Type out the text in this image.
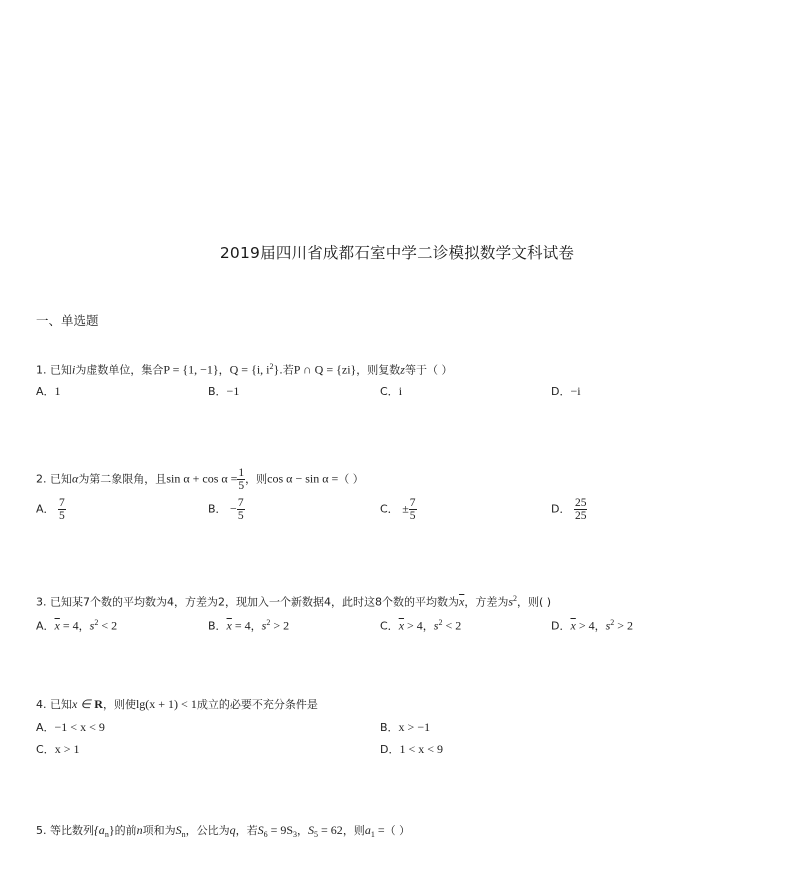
2019届四川省成都石室中学二诊模拟数学文科试卷
一、单选题
1. 已知i为虚数单位，集合P = {1, −1}，Q = {i, $i^2$}.若P ∩ Q = {zi}，则复数z等于（ ）
A．1	B．−1	C．i	D．−i
2. 已知α为第二象限角，且$\sin \alpha + \cos \alpha = \frac{1}{5}$ ，则cos α − sin α =（ ）
A． $\frac{7}{5}$	B． − $\frac{7}{5}$	C． ± $\frac{7}{5}$	D． $\frac{25}{25}$
3. 已知某7个数的平均数为4，方差为2，现加入一个新数据4，此时这8个数的平均数为$\overline{x}$，方差为$s^2$，则( )
A．$\overline{x} = 4$，$s^2 < 2$	B．$\overline{x} = 4$，$s^2 > 2$	C．$\overline{x} > 4$，$s^2 < 2$	D．$\overline{x} > 4$，$s^2 > 2$
4. 已知x ∈ R，则使lg(x + 1) < 1成立的必要不充分条件是
A．−1 < x < 9	B．x > −1
C．x > 1	D．1 < x < 9
5. 等比数列$\{a_n\}$的前n项和为$S_n$，公比为q，若$S_6 = 9S_3$，$S_5 = 62$，则$a_1$ =（ ）
